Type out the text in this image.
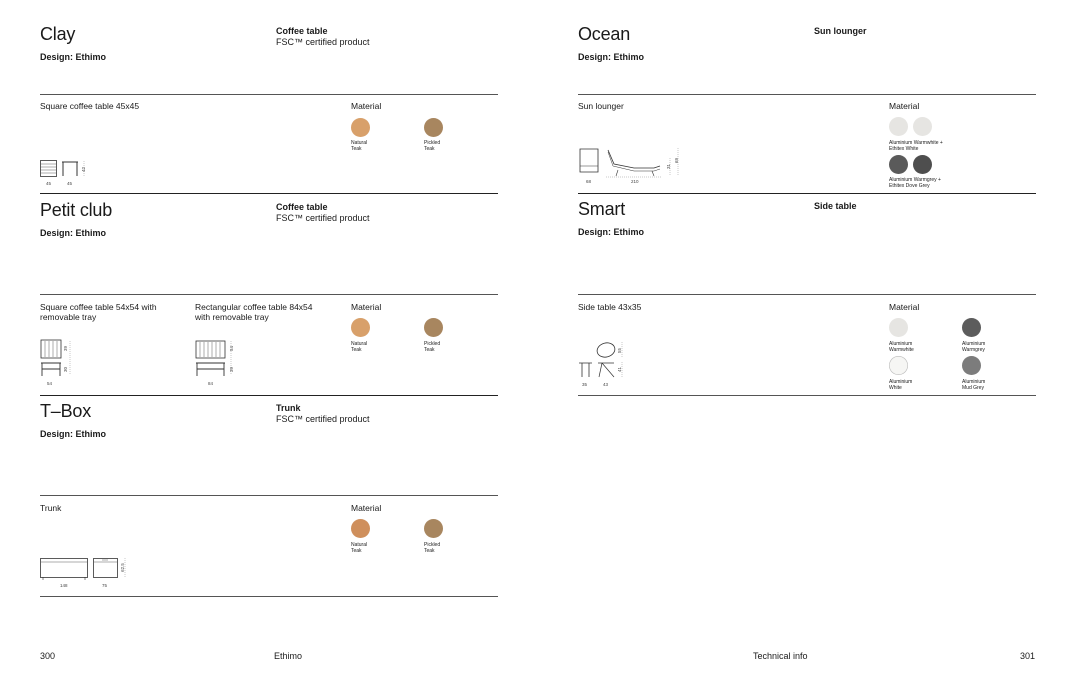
Clay
Design: Ethimo
Coffee table
FSC™ certified product
Square coffee table 45x45	Material
Natural
Teak
Pickled
Teak
45	45
42
Petit club
Design: Ethimo
Coffee table
FSC™ certified product
Square coffee table 54x54 with removable tray
Rectangular coffee table 84x54 with removable tray
Material
Natural
Teak
Pickled
Teak
54
39
30
84
54
39
T–Box
Design: Ethimo
Trunk
FSC™ certified product
Trunk	Material
Natural
Teak
Pickled
Teak
148	75
62.5
300	Ethimo
Ocean
Design: Ethimo
Sun lounger
Sun lounger	Material
Aluminium Warmwhite +
Ethitex White
Aluminium Warmgrey +
Ethitex Dove Grey
68	210
31
69
Smart
Design: Ethimo
Side table
Side table 43x35	Material
Aluminium
Warmwhite
Aluminium
Warmgrey
Aluminium
White
Aluminium
Mud Grey
35	43
55
41
Technical info	301
